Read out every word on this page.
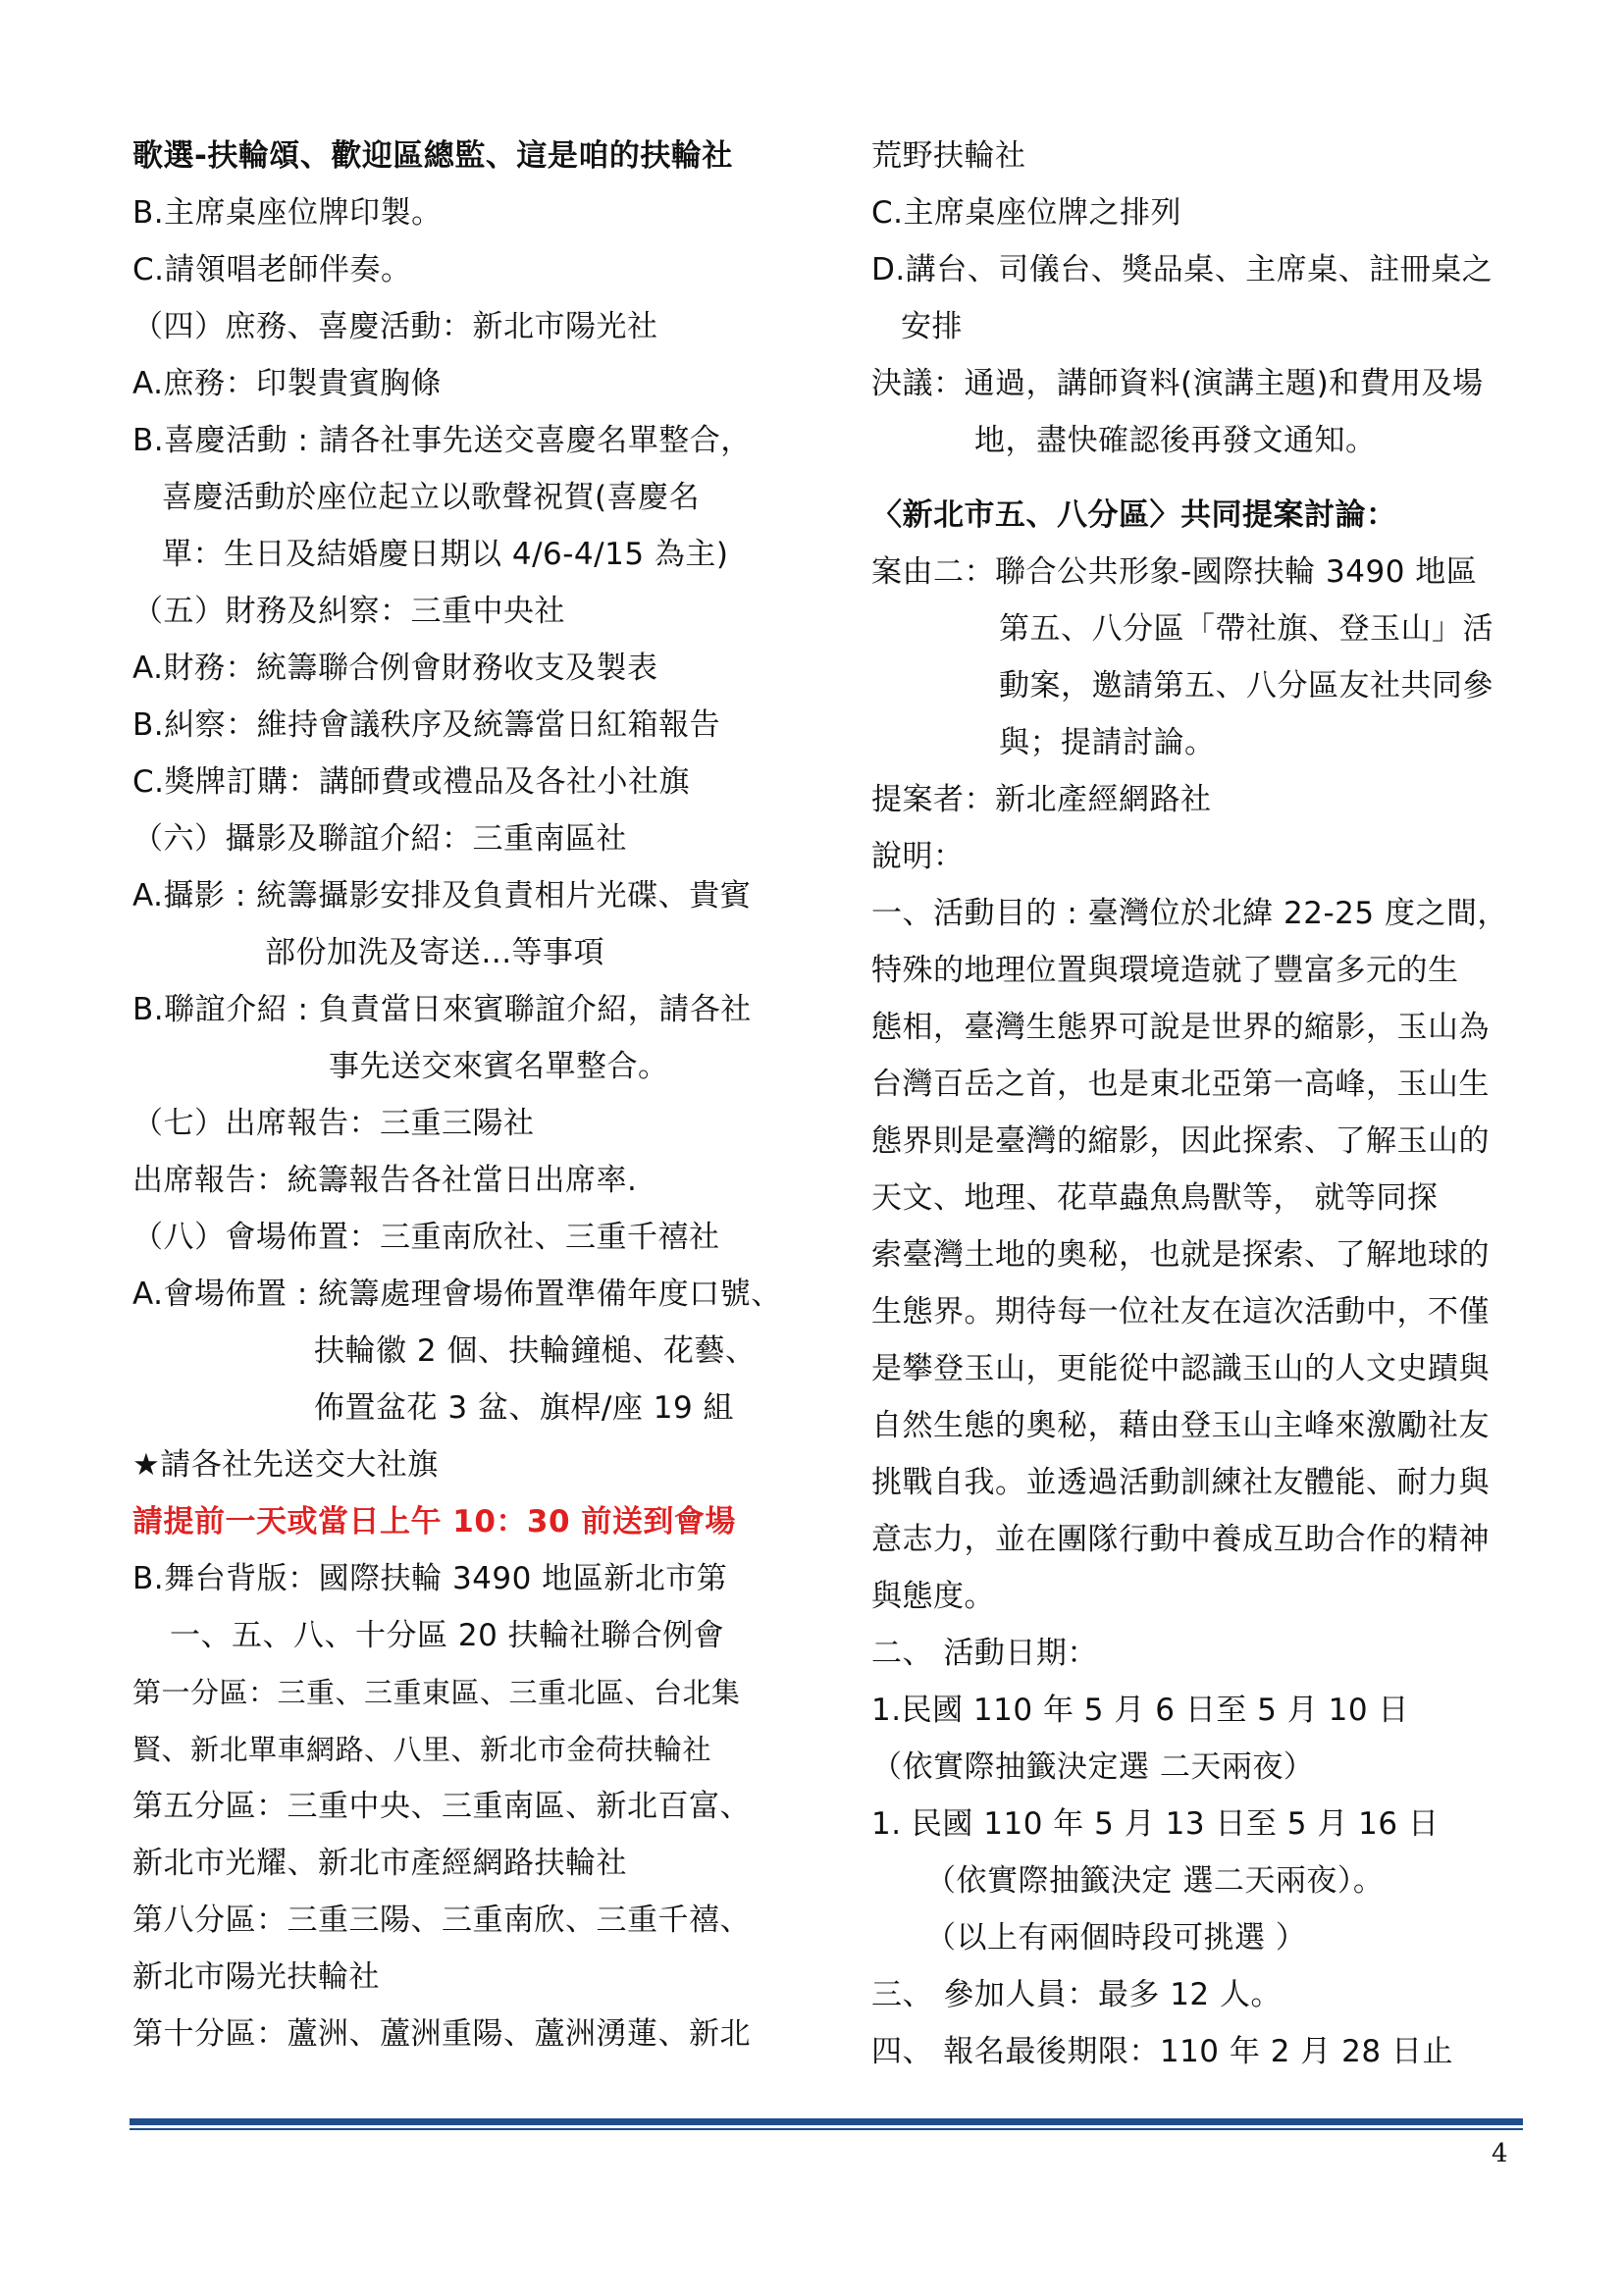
歌選-扶輪頌、歡迎區總監、這是咱的扶輪社
B.主席桌座位牌印製。
C.請領唱老師伴奏。
（四）庶務、喜慶活動：新北市陽光社
A.庶務：印製貴賓胸條
B.喜慶活動 : 請各社事先送交喜慶名單整合，
喜慶活動於座位起立以歌聲祝賀(喜慶名
單：生日及結婚慶日期以 4/6-4/15 為主)
（五）財務及糾察：三重中央社
A.財務：統籌聯合例會財務收支及製表
B.糾察：維持會議秩序及統籌當日紅箱報告
C.獎牌訂購：講師費或禮品及各社小社旗
（六）攝影及聯誼介紹：三重南區社
A.攝影 : 統籌攝影安排及負責相片光碟、貴賓
部份加洗及寄送...等事項
B.聯誼介紹 : 負責當日來賓聯誼介紹，請各社
事先送交來賓名單整合。
（七）出席報告：三重三陽社
出席報告：統籌報告各社當日出席率.
（八）會場佈置：三重南欣社、三重千禧社
A.會場佈置 : 統籌處理會場佈置準備年度口號、
扶輪徽 2 個、扶輪鐘槌、花藝、
佈置盆花 3 盆、旗桿/座 19 組
★請各社先送交大社旗
請提前一天或當日上午 10：30 前送到會場
B.舞台背版：國際扶輪 3490 地區新北市第
一、五、八、十分區 20 扶輪社聯合例會
第一分區：三重、三重東區、三重北區、台北集
賢、新北單車網路、八里、新北市金荷扶輪社
第五分區：三重中央、三重南區、新北百富、
新北市光耀、新北市產經網路扶輪社
第八分區：三重三陽、三重南欣、三重千禧、
新北市陽光扶輪社
第十分區：蘆洲、蘆洲重陽、蘆洲湧蓮、新北
荒野扶輪社
C.主席桌座位牌之排列
D.講台、司儀台、獎品桌、主席桌、註冊桌之
安排
決議：通過，講師資料(演講主題)和費用及場
地，盡快確認後再發文通知。
〈新北市五、八分區〉共同提案討論：
案由二：聯合公共形象-國際扶輪 3490 地區
第五、八分區「帶社旗、登玉山」活
動案，邀請第五、八分區友社共同參
與；提請討論。
提案者：新北產經網路社
說明：
一、活動目的 : 臺灣位於北緯 22-25 度之間，
特殊的地理位置與環境造就了豐富多元的生
態相，臺灣生態界可說是世界的縮影，玉山為
台灣百岳之首，也是東北亞第一高峰，玉山生
態界則是臺灣的縮影，因此探索、了解玉山的
天文、地理、花草蟲魚鳥獸等， 就等同探
索臺灣土地的奧秘，也就是探索、了解地球的
生態界。期待每一位社友在這次活動中，不僅
是攀登玉山，更能從中認識玉山的人文史蹟與
自然生態的奧秘，藉由登玉山主峰來激勵社友
挑戰自我。並透過活動訓練社友體能、耐力與
意志力，並在團隊行動中養成互助合作的精神
與態度。
二、 活動日期：
1.民國 110 年 5 月 6 日至 5 月 10 日
（依實際抽籤決定選 二天兩夜）
1. 民國 110 年 5 月 13 日至 5 月 16 日
（依實際抽籤決定 選二天兩夜）。
（以上有兩個時段可挑選 ）
三、 參加人員：最多 12 人。
四、 報名最後期限：110 年 2 月 28 日止
4
